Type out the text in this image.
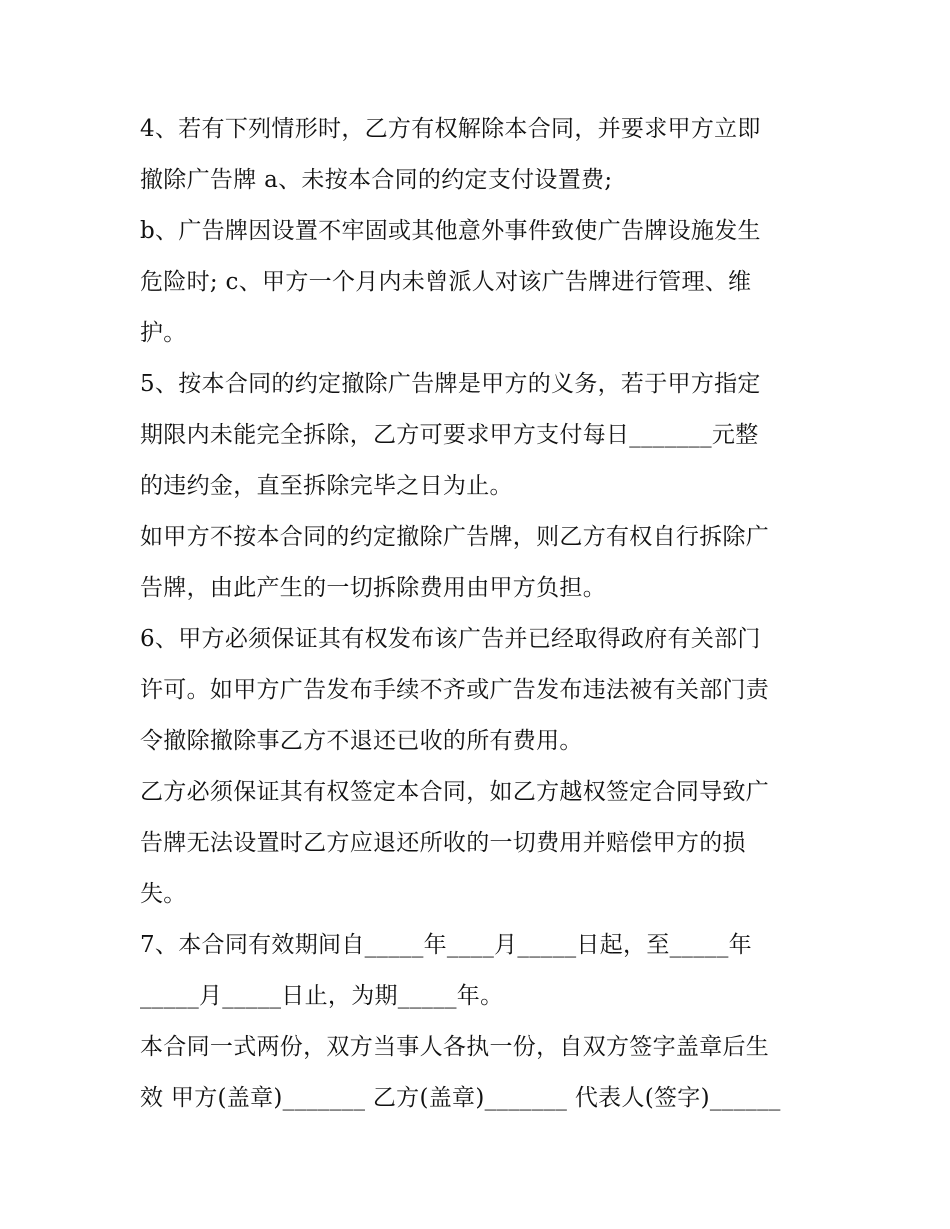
4、若有下列情形时，乙方有权解除本合同，并要求甲方立即
撤除广告牌 a、未按本合同的约定支付设置费;
b、广告牌因设置不牢固或其他意外事件致使广告牌设施发生
危险时; c、甲方一个月内未曾派人对该广告牌进行管理、维
护。
5、按本合同的约定撤除广告牌是甲方的义务，若于甲方指定
期限内未能完全拆除，乙方可要求甲方支付每日_______元整
的违约金，直至拆除完毕之日为止。
如甲方不按本合同的约定撤除广告牌，则乙方有权自行拆除广
告牌，由此产生的一切拆除费用由甲方负担。
6、甲方必须保证其有权发布该广告并已经取得政府有关部门
许可。如甲方广告发布手续不齐或广告发布违法被有关部门责
令撤除撤除事乙方不退还已收的所有费用。
乙方必须保证其有权签定本合同，如乙方越权签定合同导致广
告牌无法设置时乙方应退还所收的一切费用并赔偿甲方的损
失。
7、本合同有效期间自_____年____月_____日起，至_____年
_____月_____日止，为期_____年。
本合同一式两份，双方当事人各执一份，自双方签字盖章后生
效 甲方(盖章)_______ 乙方(盖章)_______ 代表人(签字)______
